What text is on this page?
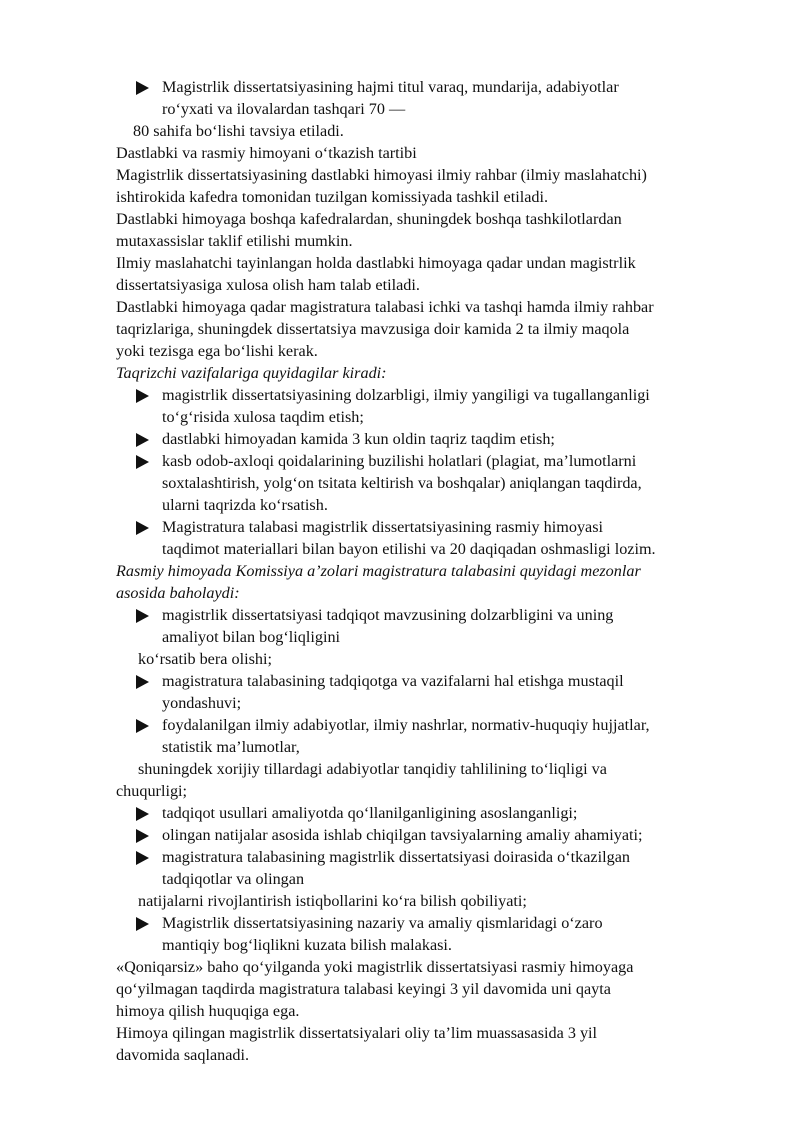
Magistrlik dissertatsiyasining hajmi titul varaq, mundarija, adabiyotlar
ro‘yxati va ilovalardan tashqari 70 —
80 sahifa bo‘lishi tavsiya etiladi.
Dastlabki va rasmiy himoyani o‘tkazish tartibi
Magistrlik dissertatsiyasining dastlabki himoyasi ilmiy rahbar (ilmiy maslahatchi)
ishtirokida kafedra tomonidan tuzilgan komissiyada tashkil etiladi.
Dastlabki himoyaga boshqa kafedralardan, shuningdek boshqa tashkilotlardan
mutaxassislar taklif etilishi mumkin.
Ilmiy maslahatchi tayinlangan holda dastlabki himoyaga qadar undan magistrlik
dissertatsiyasiga xulosa olish ham talab etiladi.
Dastlabki himoyaga qadar magistratura talabasi ichki va tashqi hamda ilmiy rahbar
taqrizlariga, shuningdek dissertatsiya mavzusiga doir kamida 2 ta ilmiy maqola
yoki tezisga ega bo‘lishi kerak.
Taqrizchi vazifalariga quyidagilar kiradi:
magistrlik dissertatsiyasining dolzarbligi, ilmiy yangiligi va tugallanganligi
to‘g‘risida xulosa taqdim etish;
dastlabki himoyadan kamida 3 kun oldin taqriz taqdim etish;
kasb odob-axloqi qoidalarining buzilishi holatlari (plagiat, ma’lumotlarni
soxtalashtirish, yolg‘on tsitata keltirish va boshqalar) aniqlangan taqdirda,
ularni taqrizda ko‘rsatish.
Magistratura talabasi magistrlik dissertatsiyasining rasmiy himoyasi
taqdimot materiallari bilan bayon etilishi va 20 daqiqadan oshmasligi lozim.
Rasmiy himoyada Komissiya a’zolari magistratura talabasini quyidagi mezonlar
asosida baholaydi:
magistrlik dissertatsiyasi tadqiqot mavzusining dolzarbligini va uning
amaliyot bilan bog‘liqligini
ko‘rsatib bera olishi;
magistratura talabasining tadqiqotga va vazifalarni hal etishga mustaqil
yondashuvi;
foydalanilgan ilmiy adabiyotlar, ilmiy nashrlar, normativ-huquqiy hujjatlar,
statistik ma’lumotlar,
shuningdek xorijiy tillardagi adabiyotlar tanqidiy tahlilining to‘liqligi va
chuqurligi;
tadqiqot usullari amaliyotda qo‘llanilganligining asoslanganligi;
olingan natijalar asosida ishlab chiqilgan tavsiyalarning amaliy ahamiyati;
magistratura talabasining magistrlik dissertatsiyasi doirasida o‘tkazilgan
tadqiqotlar va olingan
natijalarni rivojlantirish istiqbollarini ko‘ra bilish qobiliyati;
Magistrlik dissertatsiyasining nazariy va amaliy qismlaridagi o‘zaro
mantiqiy bog‘liqlikni kuzata bilish malakasi.
«Qoniqarsiz» baho qo‘yilganda yoki magistrlik dissertatsiyasi rasmiy himoyaga
qo‘yilmagan taqdirda magistratura talabasi keyingi 3 yil davomida uni qayta
himoya qilish huquqiga ega.
Himoya qilingan magistrlik dissertatsiyalari oliy ta’lim muassasasida 3 yil
davomida saqlanadi.
